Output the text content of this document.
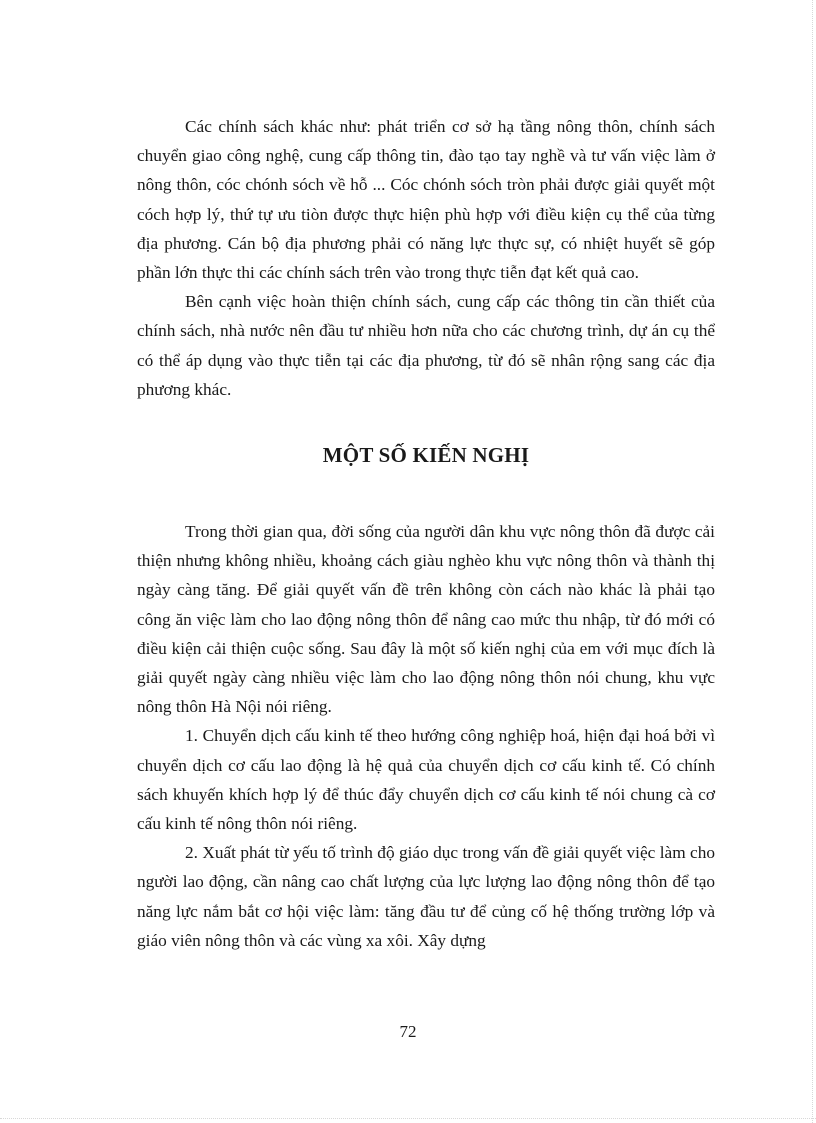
Các chính sách khác như: phát triển cơ sở hạ tầng nông thôn, chính sách chuyển giao công nghệ, cung cấp thông tin, đào tạo tay nghề và tư vấn việc làm ở nông thôn, cóc chónh sóch về hỗ ... Cóc chónh sóch tròn phải được giải quyết một cóch hợp lý, thứ tự ưu tiòn được thực hiện phù hợp với điều kiện cụ thể của từng địa phương. Cán bộ địa phương phải có năng lực thực sự, có nhiệt huyết sẽ góp phần lớn thực thi các chính sách trên vào trong thực tiễn đạt kết quả cao.

Bên cạnh việc hoàn thiện chính sách, cung cấp các thông tin cần thiết của chính sách, nhà nước nên đầu tư nhiều hơn nữa cho các chương trình, dự án cụ thể có thể áp dụng vào thực tiễn tại các địa phương, từ đó sẽ nhân rộng sang các địa phương khác.

MỘT SỐ KIẾN NGHỊ

Trong thời gian qua, đời sống của người dân khu vực nông thôn đã được cải thiện nhưng không nhiều, khoảng cách giàu nghèo khu vực nông thôn và thành thị ngày càng tăng. Để giải quyết vấn đề trên không còn cách nào khác là phải tạo công ăn việc làm cho lao động nông thôn để nâng cao mức thu nhập, từ đó mới có điều kiện cải thiện cuộc sống. Sau đây là một số kiến nghị của em với mục đích là giải quyết ngày càng nhiều việc làm cho lao động nông thôn nói chung, khu vực nông thôn Hà Nội nói riêng.

1. Chuyển dịch cấu kinh tế theo hướng công nghiệp hoá, hiện đại hoá bởi vì chuyển dịch cơ cấu lao động là hệ quả của chuyển dịch cơ cấu kinh tế. Có chính sách khuyến khích hợp lý để thúc đẩy chuyển dịch cơ cấu kinh tế nói chung cà cơ cấu kinh tế nông thôn nói riêng.

2. Xuất phát từ yếu tố trình độ giáo dục trong vấn đề giải quyết việc làm cho người lao động, cần nâng cao chất lượng của lực lượng lao động nông thôn để tạo năng lực nắm bắt cơ hội việc làm: tăng đầu tư để củng cố hệ thống trường lớp và giáo viên nông thôn và các vùng xa xôi. Xây dựng

72
